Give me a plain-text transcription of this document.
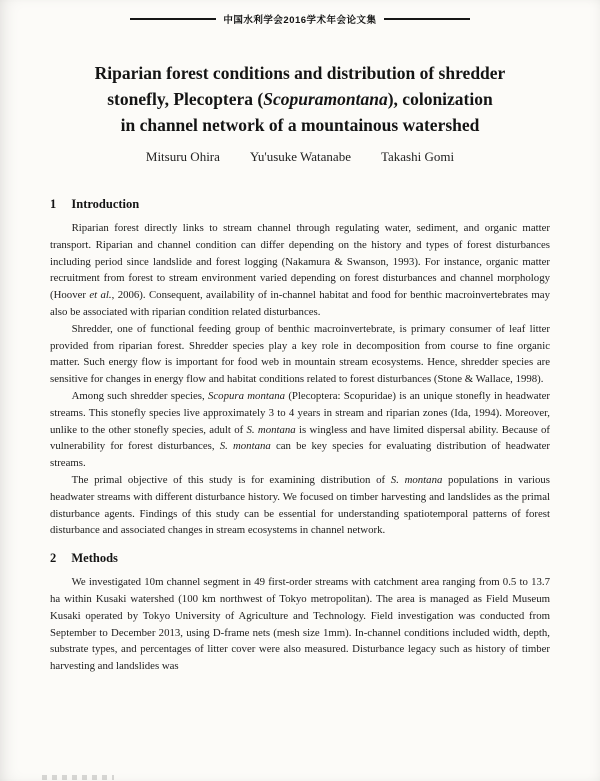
中国水利学会2016学术年会论文集
Riparian forest conditions and distribution of shredder
stonefly, Plecoptera (Scopuramontana), colonization
in channel network of a mountainous watershed
Mitsuru Ohira Yu'usuke Watanabe Takashi Gomi
1 Introduction

Riparian forest directly links to stream channel through regulating water, sediment, and organic matter transport. Riparian and channel condition can differ depending on the history and types of forest disturbances including period since landslide and forest logging (Nakamura & Swanson, 1993). For instance, organic matter recruitment from forest to stream environment varied depending on forest disturbances and channel morphology (Hoover et al., 2006). Consequent, availability of in-channel habitat and food for benthic macroinvertebrates may also be associated with riparian condition related disturbances.

Shredder, one of functional feeding group of benthic macroinvertebrate, is primary consumer of leaf litter provided from riparian forest. Shredder species play a key role in decomposition from course to fine organic matter. Such energy flow is important for food web in mountain stream ecosystems. Hence, shredder species are sensitive for changes in energy flow and habitat conditions related to forest disturbances (Stone & Wallace, 1998).

Among such shredder species, Scopura montana (Plecoptera: Scopuridae) is an unique stonefly in headwater streams. This stonefly species live approximately 3 to 4 years in stream and riparian zones (Ida, 1994). Moreover, unlike to the other stonefly species, adult of S. montana is wingless and have limited dispersal ability. Because of vulnerability for forest disturbances, S. montana can be key species for evaluating distribution of headwater streams.

The primal objective of this study is for examining distribution of S. montana populations in various headwater streams with different disturbance history. We focused on timber harvesting and landslides as the primal disturbance agents. Findings of this study can be essential for understanding spatiotemporal patterns of forest disturbance and associated changes in stream ecosystems in channel network.

2 Methods

We investigated 10m channel segment in 49 first-order streams with catchment area ranging from 0.5 to 13.7 ha within Kusaki watershed (100 km northwest of Tokyo metropolitan). The area is managed as Field Museum Kusaki operated by Tokyo University of Agriculture and Technology. Field investigation was conducted from September to December 2013, using D-frame nets (mesh size 1mm). In-channel conditions included width, depth, substrate types, and percentages of litter cover were also measured. Disturbance legacy such as history of timber harvesting and landslides was
